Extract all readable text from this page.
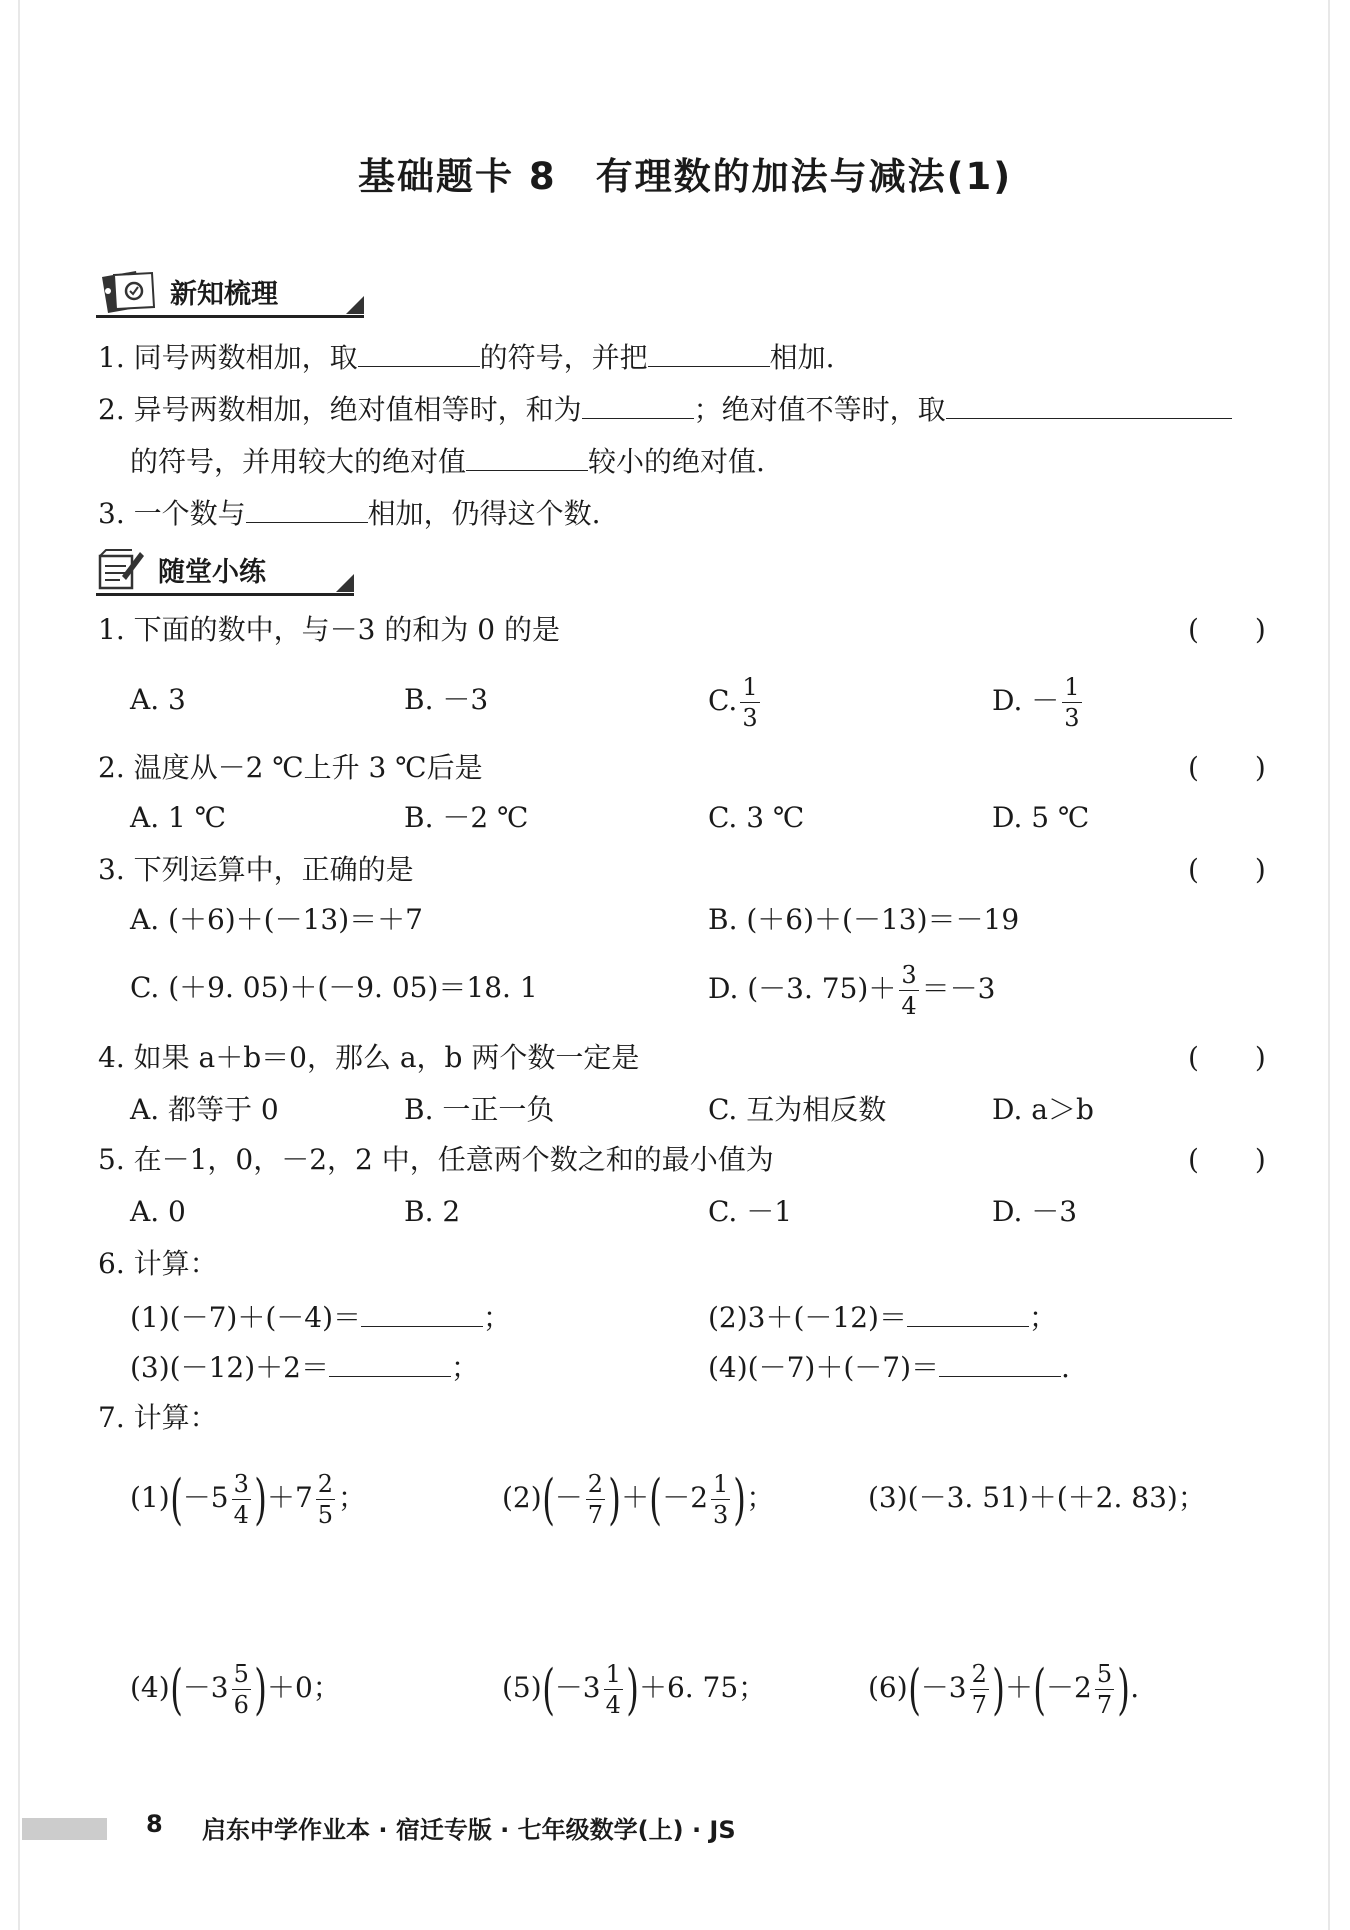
基础题卡 8　有理数的加法与减法(1)
新知梳理
1. 同号两数相加，取	的符号，并把	相加.
2. 异号两数相加，绝对值相等时，和为	；绝对值不等时，取
的符号，并用较大的绝对值	较小的绝对值.
3. 一个数与	相加，仍得这个数.
随堂小练
1. 下面的数中，与－3 的和为 0 的是	(　　)
A. 3	B. －3	C. $\frac{1}{3}$	D. － $\frac{1}{3}$
2. 温度从－2 ℃上升 3 ℃后是	(　　)
A. 1 ℃	B. －2 ℃	C. 3 ℃	D. 5 ℃
3. 下列运算中，正确的是	(　　)
A. (＋6)＋(－13)＝＋7	B. (＋6)＋(－13)＝－19
C. (＋9. 05)＋(－9. 05)＝18. 1	D. (－3. $75)+ \frac{3}{4} =-3$
4. 如果 a＋b＝0，那么 a，b 两个数一定是	(　　)
A. 都等于 0	B. 一正一负	C. 互为相反数	D. a＞b
5. 在－1，0，－2，2 中，任意两个数之和的最小值为	(　　)
A. 0	B. 2	C. －1	D. －3
6. 计算：
(1)(－7)＋(－4)＝	；	(2)3＋(－12)＝	；
(3)(－12)＋2＝	；	(4)(－7)＋(－7)＝	.
7. 计算：
$(1)(-5 \frac{3}{4} )+7 \frac{2}{5}$ ；	$(2)(- \frac{2}{7} )+(-2 \frac{1}{3}$ )；	(3)(－3. 51)＋(＋2. 83)；
$(4)(-3 \frac{5}{6} )+0$；	$(5)(-3 \frac{1}{4} )+6$. 75；	$(6)(-3 \frac{2}{7} )+(-2 \frac{5}{7}$ ).
8 启东中学作业本 · 宿迁专版 · 七年级数学(上) · JS
